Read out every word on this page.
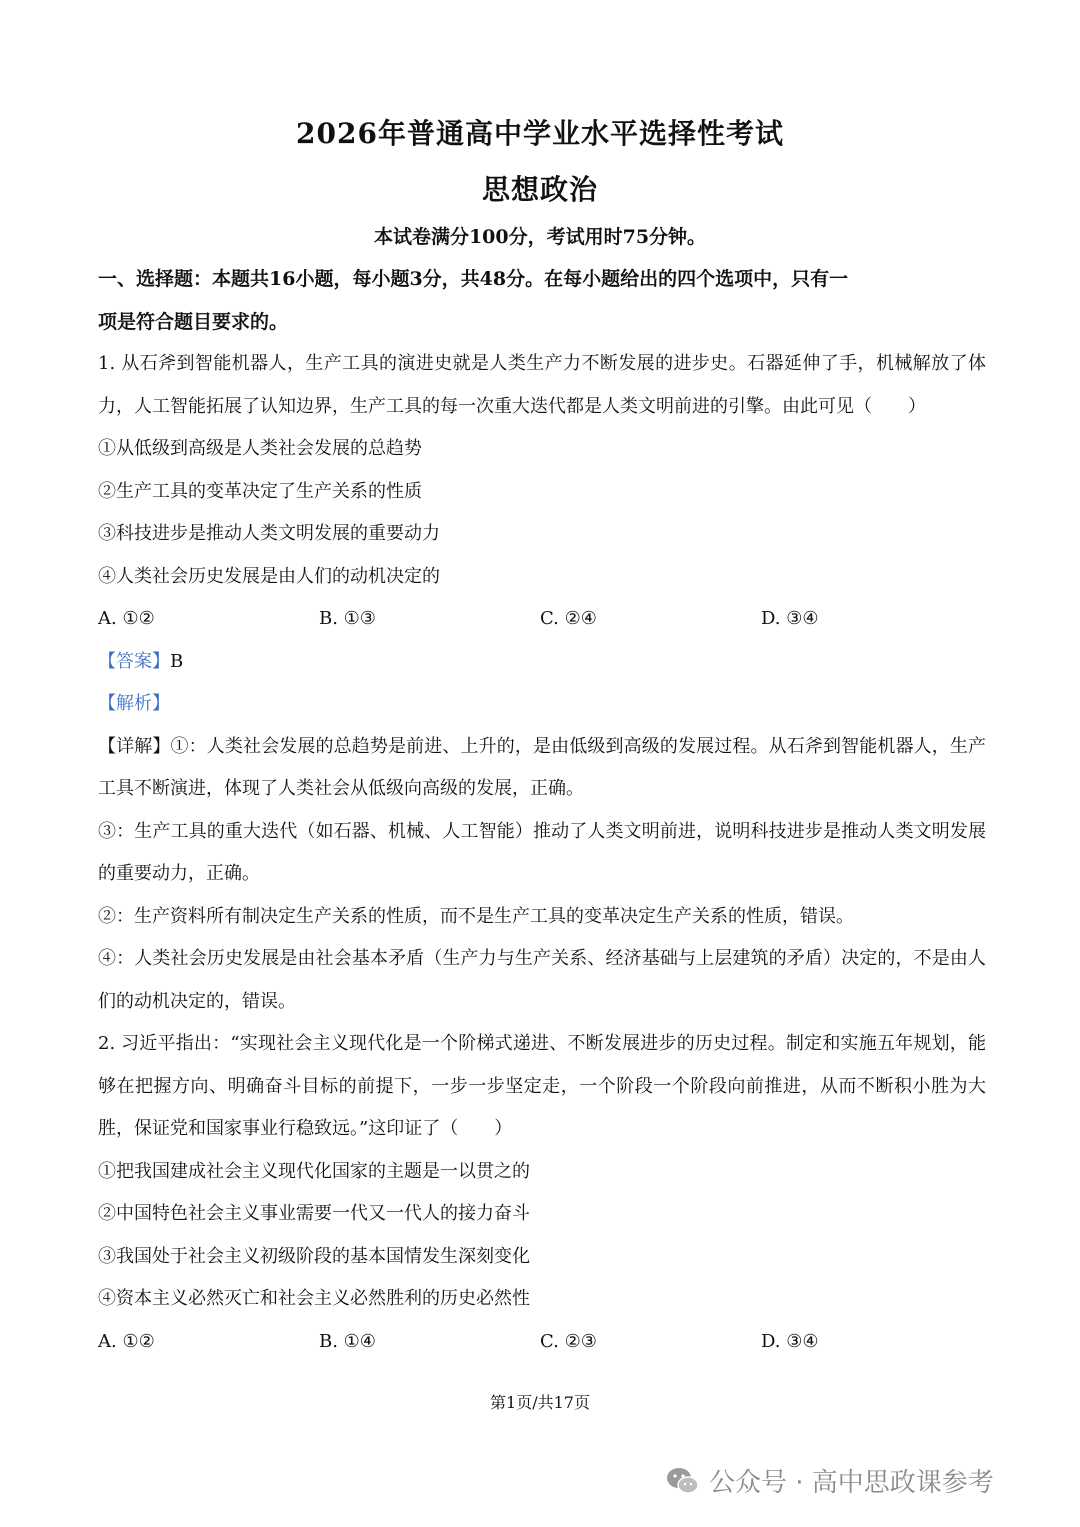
2026年普通高中学业水平选择性考试
思想政治
本试卷满分100分，考试用时75分钟。

一、选择题：本题共16小题，每小题3分，共48分。在每小题给出的四个选项中，只有一

项是符合题目要求的。

1. 从石斧到智能机器人，生产工具的演进史就是人类生产力不断发展的进步史。石器延伸了手，机械解放了体力，人工智能拓展了认知边界，生产工具的每一次重大迭代都是人类文明前进的引擎。由此可见（　　）

①从低级到高级是人类社会发展的总趋势

②生产工具的变革决定了生产关系的性质

③科技进步是推动人类文明发展的重要动力

④人类社会历史发展是由人们的动机决定的

A. ①②	B. ①③	C. ②④	D. ③④

【答案】B

【解析】

【详解】①：人类社会发展的总趋势是前进、上升的，是由低级到高级的发展过程。从石斧到智能机器人，生产工具不断演进，体现了人类社会从低级向高级的发展，正确。

③：生产工具的重大迭代（如石器、机械、人工智能）推动了人类文明前进，说明科技进步是推动人类文明发展的重要动力，正确。

②：生产资料所有制决定生产关系的性质，而不是生产工具的变革决定生产关系的性质，错误。

④：人类社会历史发展是由社会基本矛盾（生产力与生产关系、经济基础与上层建筑的矛盾）决定的，不是由人们的动机决定的，错误。

2. 习近平指出：“实现社会主义现代化是一个阶梯式递进、不断发展进步的历史过程。制定和实施五年规划，能够在把握方向、明确奋斗目标的前提下，一步一步坚定走，一个阶段一个阶段向前推进，从而不断积小胜为大胜，保证党和国家事业行稳致远。”这印证了（　　）

①把我国建成社会主义现代化国家的主题是一以贯之的

②中国特色社会主义事业需要一代又一代人的接力奋斗

③我国处于社会主义初级阶段的基本国情发生深刻变化

④资本主义必然灭亡和社会主义必然胜利的历史必然性

A. ①②	B. ①④	C. ②③	D. ③④
第1页/共17页
公众号 · 高中思政课参考
